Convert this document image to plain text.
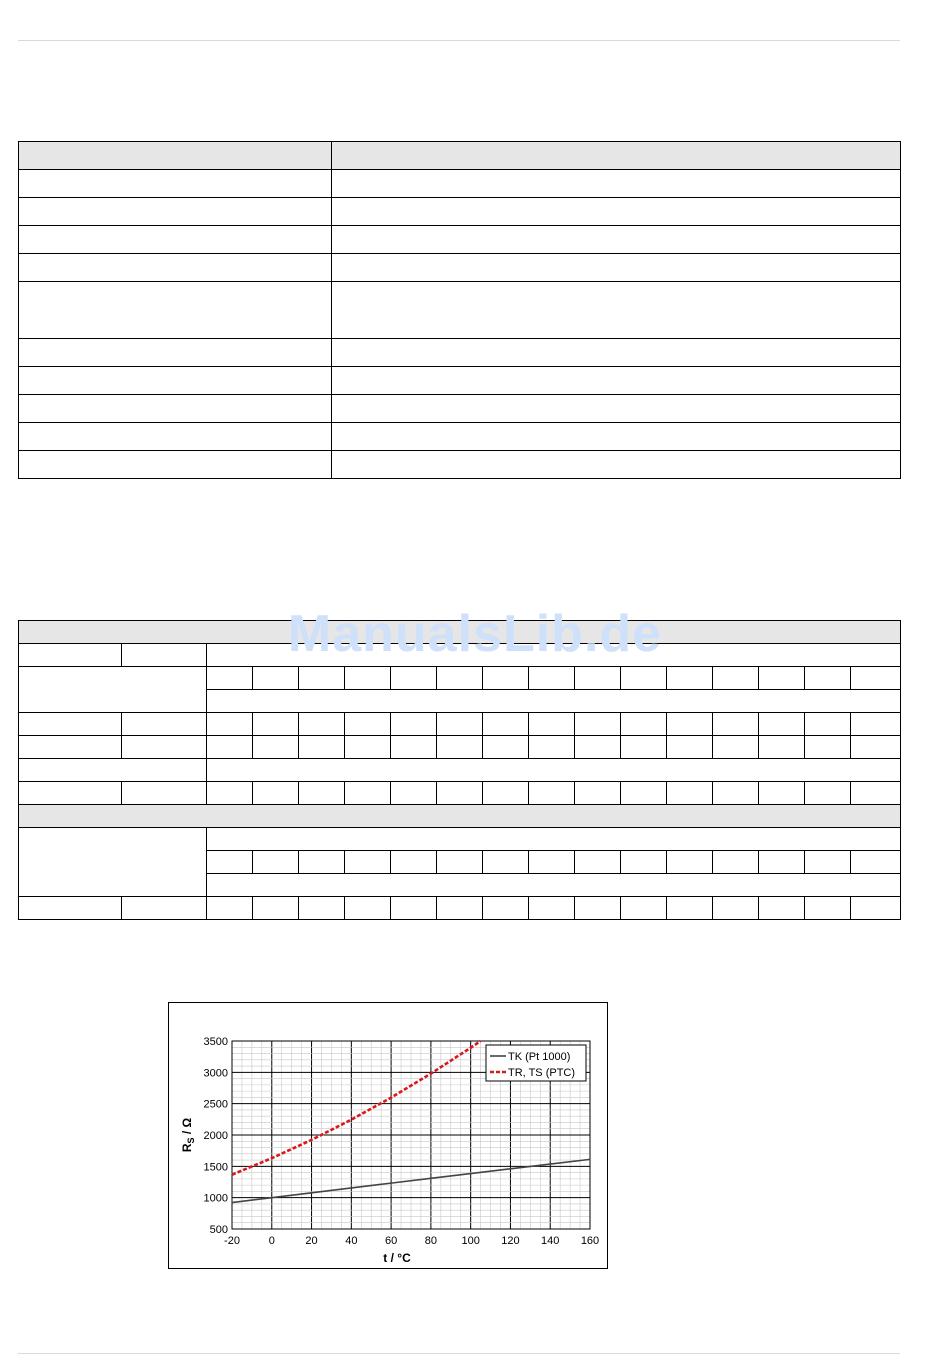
ManualsLib.de
-20	0	20	40	60	80 100 120 140 160
500
1000
1500
2000
2500
3000
3500
t / °C
$R_S$ / Ω
TK (Pt 1000)
TR, TS (PTC)
